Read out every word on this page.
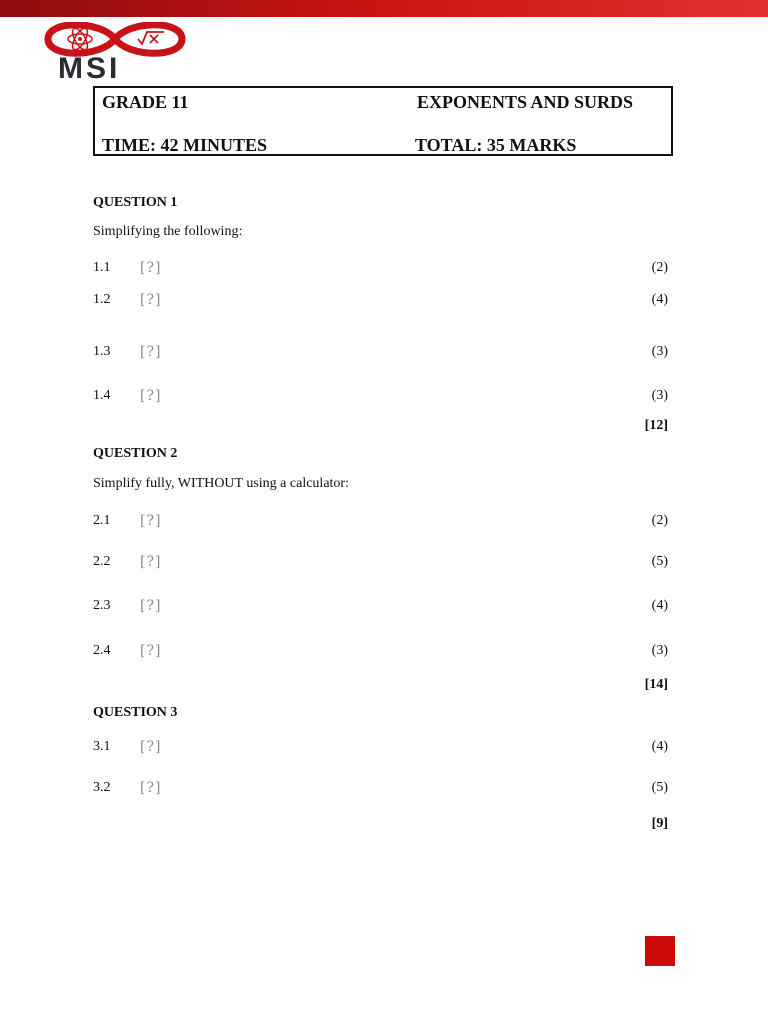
MSI
GRADE 11	EXPONENTS AND SURDS
TIME: 42 MINUTES	TOTAL: 35 MARKS
QUESTION 1
Simplifying the following:
1.1 [?]	(2)
1.2 [?]	(4)
1.3 [?]	(3)
1.4 [?]	(3)
[12]
QUESTION 2
Simplify fully, WITHOUT using a calculator:
2.1 [?]	(2)
2.2 [?]	(5)
2.3 [?]	(4)
2.4 [?]	(3)
[14]
QUESTION 3
3.1 [?]	(4)
3.2 [?]	(5)
[9]
